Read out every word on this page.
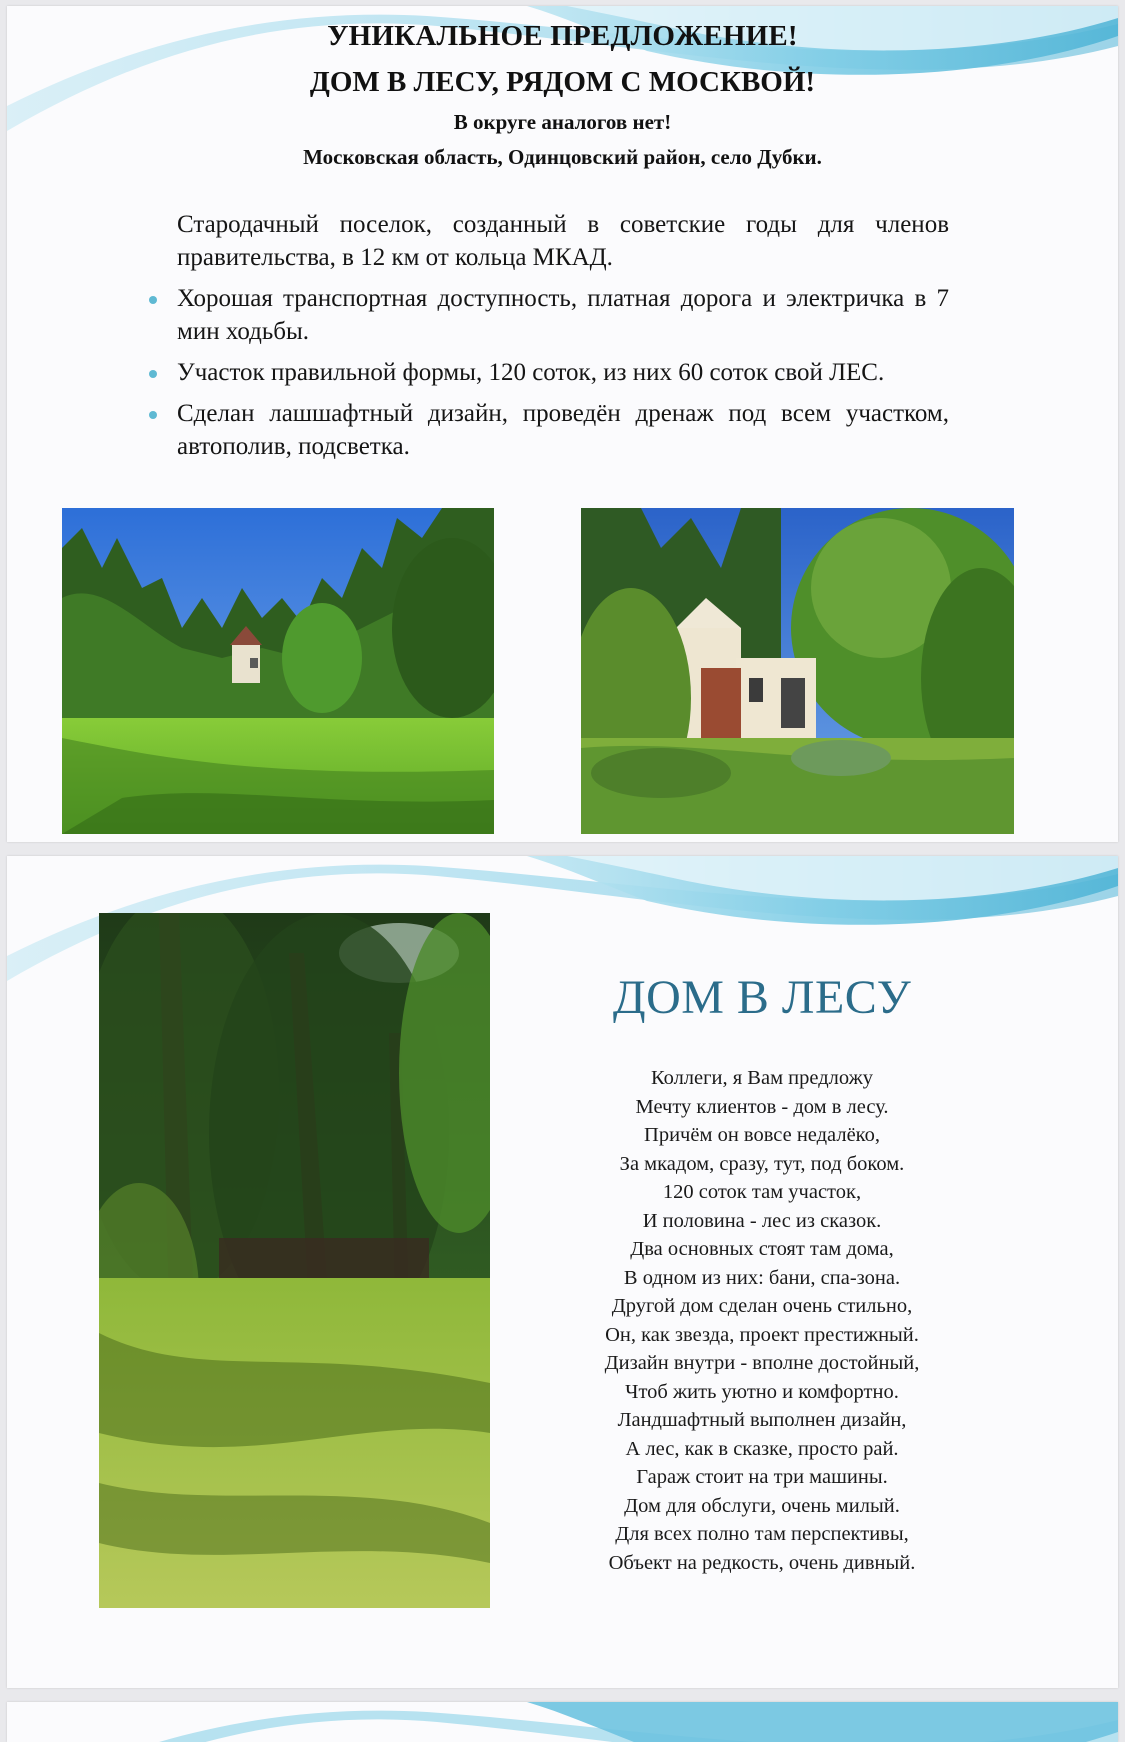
УНИКАЛЬНОЕ ПРЕДЛОЖЕНИЕ!
ДОМ В ЛЕСУ, РЯДОМ С МОСКВОЙ!
В округе аналогов нет!
Московская область, Одинцовский район, село Дубки.
Стародачный поселок, созданный в советские годы для членов правительства, в 12 км от кольца МКАД.
Хорошая транспортная доступность, платная дорога и электричка в 7 мин ходьбы.
Участок правильной формы, 120 соток, из них 60 соток свой ЛЕС.
Сделан лашшафтный дизайн, проведён дренаж под всем участком, автополив, подсветка.
ДОМ В ЛЕСУ
Коллеги, я Вам предложу
Мечту клиентов - дом в лесу.
Причём он вовсе недалёко,
За мкадом, сразу, тут, под боком.
120 соток там участок,
И половина - лес из сказок.
Два основных стоят там дома,
В одном из них: бани, спа-зона.
Другой дом сделан очень стильно,
Он, как звезда, проект престижный.
Дизайн внутри - вполне достойный,
Чтоб жить уютно и комфортно.
Ландшафтный выполнен дизайн,
А лес, как в сказке, просто рай.
Гараж стоит на три машины.
Дом для обслуги, очень милый.
Для всех полно там перспективы,
Объект на редкость, очень дивный.
